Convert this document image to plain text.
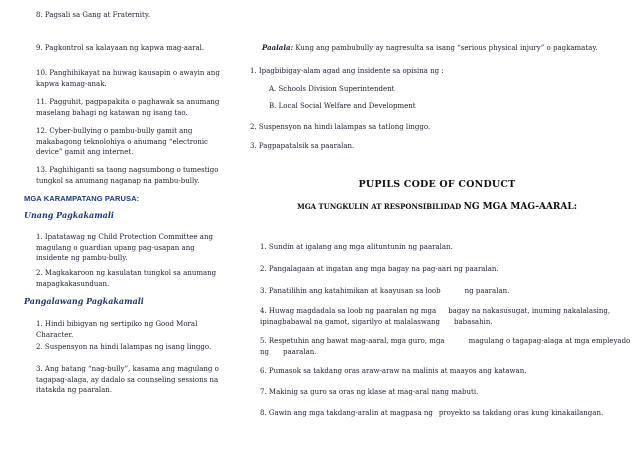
8. Pagsali sa Gang at Fraternity.

9. Pagkontrol sa kalayaan ng kapwa mag-aaral.

10. Panghihikayat na huwag kausapin o awayin ang kapwa kamag-anak.

11. Pagguhit, pagpapakita o paghawak sa anumang maselang bahagi ng katawan ng isang tao.

12. Cyber-bullying o pambu-bully gamit ang makabagong teknolohiya o anumang “electronic device” gamit ang internet.

13. Paghihiganti sa taong nagsumbong o tumestigo tungkol sa anumang naganap na pambu-bully.

MGA KARAMPATANG PARUSA:

Unang Pagkakamali

1. Ipatatawag ng Child Protection Committee ang magulang o guardian upang pag-usapan ang insidente ng pambu-bully.

2. Magkakaroon ng kasulatan tungkol sa anumang mapagkakasunduan.

Pangalawang Pagkakamali

1. Hindi bibigyan ng sertipiko ng Good Moral Character.

2. Suspensyon na hindi lalampas ng isang linggo.

3. Ang batang “nag-bully”, kasama ang magulang o tagapag-alaga, ay dadalo sa counseling sessions na itatakda ng paaralan.

Paalala: Kung ang pambubully ay nagresulta sa isang “serious physical injury” o pagkamatay.

1. Ipagbibigay-alam agad ang insidente sa opisina ng :

A. Schools Division Superintendent

B. Local Social Welfare and Development

2. Suspensyon na hindi lalampas sa tatlong linggo.

3. Pagpapatalsik sa paaralan.

PUPILS CODE OF CONDUCT

MGA TUNGKULIN AT RESPONSIBILIDAD NG MGA MAG-AARAL:

1. Sundin at igalang ang mga alituntunin ng paaralan.

2. Pangalagaan at ingatan ang mga bagay na pag-aari ng paaralan.

3. Panatilihin ang katahimikan at kaayusan sa loob	ng paaralan.

4. Huwag magdadala sa loob ng paaralan ng mga bagay na nakasusugat, inuming nakalalasing, ipinagbabawal na gamot, sigarilyo at malalaswang babasahin.

5. Respetuhin ang bawat mag-aaral, mga guro, mga	magulang o tagapag-alaga at mga empleyado ng paaralan.

6. Pumasok sa takdang oras araw-araw na malinis at maayos ang katawan.

7. Makinig sa guro sa oras ng klase at mag-aral nang mabuti.

8. Gawin ang mga takdang-aralin at magpasa ng proyekto sa takdang oras kung kinakailangan.
